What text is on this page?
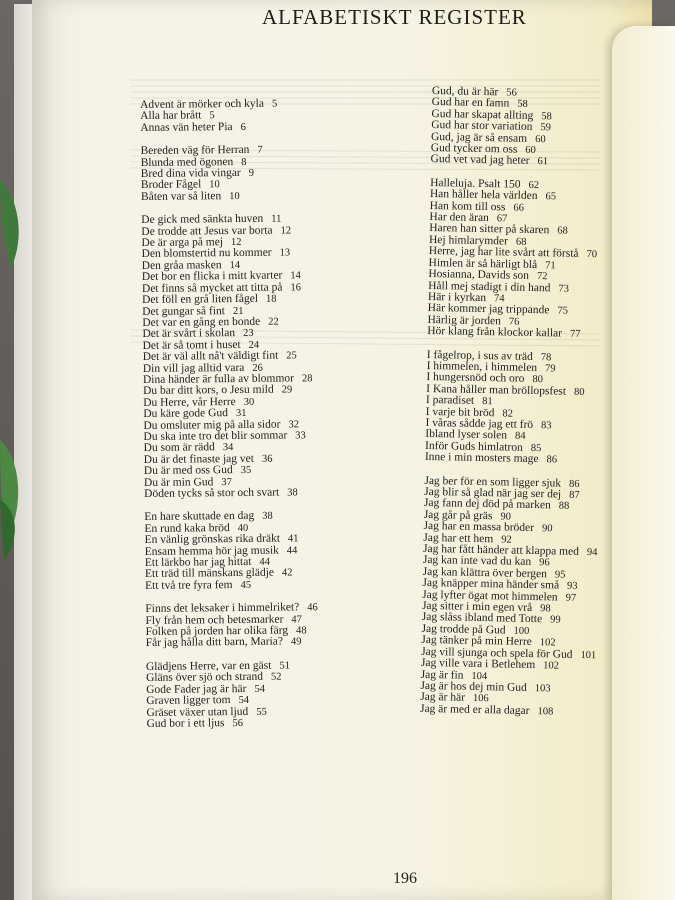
ALFABETISKT REGISTER
Advent är mörker och kyla 5
Alla har brått 5
Annas vän heter Pia 6
Bereden väg för Herran 7
Blunda med ögonen 8
Bred dina vida vingar 9
Broder Fågel 10
Båten var så liten 10
De gick med sänkta huven 11
De trodde att Jesus var borta 12
De är arga på mej 12
Den blomstertid nu kommer 13
Den gråa masken 14
Det bor en flicka i mitt kvarter 14
Det finns så mycket att titta på 16
Det föll en grå liten fågel 18
Det gungar så fint 21
Det var en gång en bonde 22
Det är svårt i skolan 23
Det är så tomt i huset 24
Det är väl allt nå't väldigt fint 25
Din vill jag alltid vara 26
Dina händer är fulla av blommor 28
Du bar ditt kors, o Jesu mild 29
Du Herre, vår Herre 30
Du käre gode Gud 31
Du omsluter mig på alla sidor 32
Du ska inte tro det blir sommar 33
Du som är rädd 34
Du är det finaste jag vet 36
Du är med oss Gud 35
Du är min Gud 37
Döden tycks så stor och svart 38
En hare skuttade en dag 38
En rund kaka bröd 40
En vänlig grönskas rika dräkt 41
Ensam hemma hör jag musik 44
Ett lärkbo har jag hittat 44
Ett träd till mänskans glädje 42
Ett två tre fyra fem 45
Finns det leksaker i himmelriket? 46
Fly från hem och betesmarker 47
Folken på jorden har olika färg 48
Får jag hålla ditt barn, Maria? 49
Glädjens Herre, var en gäst 51
Gläns över sjö och strand 52
Gode Fader jag är här 54
Graven ligger tom 54
Gräset växer utan ljud 55
Gud bor i ett ljus 56
Gud, du är här 56
Gud har en famn 58
Gud har skapat allting 58
Gud har stor variation 59
Gud, jag är så ensam 60
Gud tycker om oss 60
Gud vet vad jag heter 61
Halleluja. Psalt 150 62
Han håller hela världen 65
Han kom till oss 66
Har den äran 67
Haren han sitter på skaren 68
Hej himlarymder 68
Herre, jag har lite svårt att förstå 70
Himlen är så härligt blå 71
Hosianna, Davids son 72
Håll mej stadigt i din hand 73
Här i kyrkan 74
Här kommer jag trippande 75
Härlig är jorden 76
Hör klang från klockor kallar 77
I fågelrop, i sus av träd 78
I himmelen, i himmelen 79
I hungersnöd och oro 80
I Kana håller man bröllopsfest 80
I paradiset 81
I varje bit bröd 82
I våras sådde jag ett frö 83
Ibland lyser solen 84
Inför Guds himlatron 85
Inne i min mosters mage 86
Jag ber för en som ligger sjuk 86
Jag blir så glad när jag ser dej 87
Jag fann dej död på marken 88
Jag går på gräs 90
Jag har en massa bröder 90
Jag har ett hem 92
Jag har fått händer att klappa med 94
Jag kan inte vad du kan 96
Jag kan klättra över bergen 95
Jag knäpper mina händer små 93
Jag lyfter ögat mot himmelen 97
Jag sitter i min egen vrå 98
Jag slåss ibland med Totte 99
Jag trodde på Gud 100
Jag tänker på min Herre 102
Jag vill sjunga och spela för Gud 101
Jag ville vara i Betlehem 102
Jag är fin 104
Jag är hos dej min Gud 103
Jag är här 106
Jag är med er alla dagar 108
196
